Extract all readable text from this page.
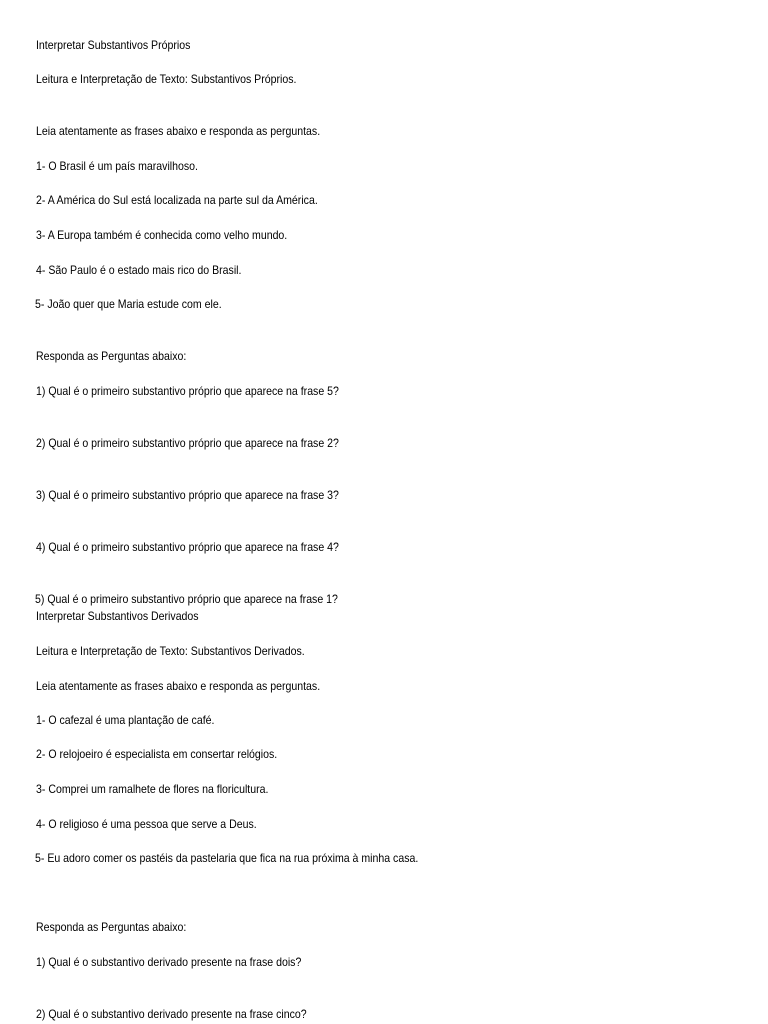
Interpretar Substantivos Próprios
Leitura e Interpretação de Texto: Substantivos Próprios.
Leia atentamente as frases abaixo e responda as perguntas.
1- O Brasil é um país maravilhoso.
2- A América do Sul está localizada na parte sul da América.
3- A Europa também é conhecida como velho mundo.
4- São Paulo é o estado mais rico do Brasil.
5- João quer que Maria estude com ele.
Responda as Perguntas abaixo:
1) Qual é o primeiro substantivo próprio que aparece na frase 5?
2) Qual é o primeiro substantivo próprio que aparece na frase 2?
3) Qual é o primeiro substantivo próprio que aparece na frase 3?
4) Qual é o primeiro substantivo próprio que aparece na frase 4?
5) Qual é o primeiro substantivo próprio que aparece na frase 1?
Interpretar Substantivos Derivados
Leitura e Interpretação de Texto: Substantivos Derivados.
Leia atentamente as frases abaixo e responda as perguntas.
1- O cafezal é uma plantação de café.
2- O relojoeiro é especialista em consertar relógios.
3- Comprei um ramalhete de flores na floricultura.
4- O religioso é uma pessoa que serve a Deus.
5- Eu adoro comer os pastéis da pastelaria que fica na rua próxima à minha casa.
Responda as Perguntas abaixo:
1) Qual é o substantivo derivado presente na frase dois?
2) Qual é o substantivo derivado presente na frase cinco?
